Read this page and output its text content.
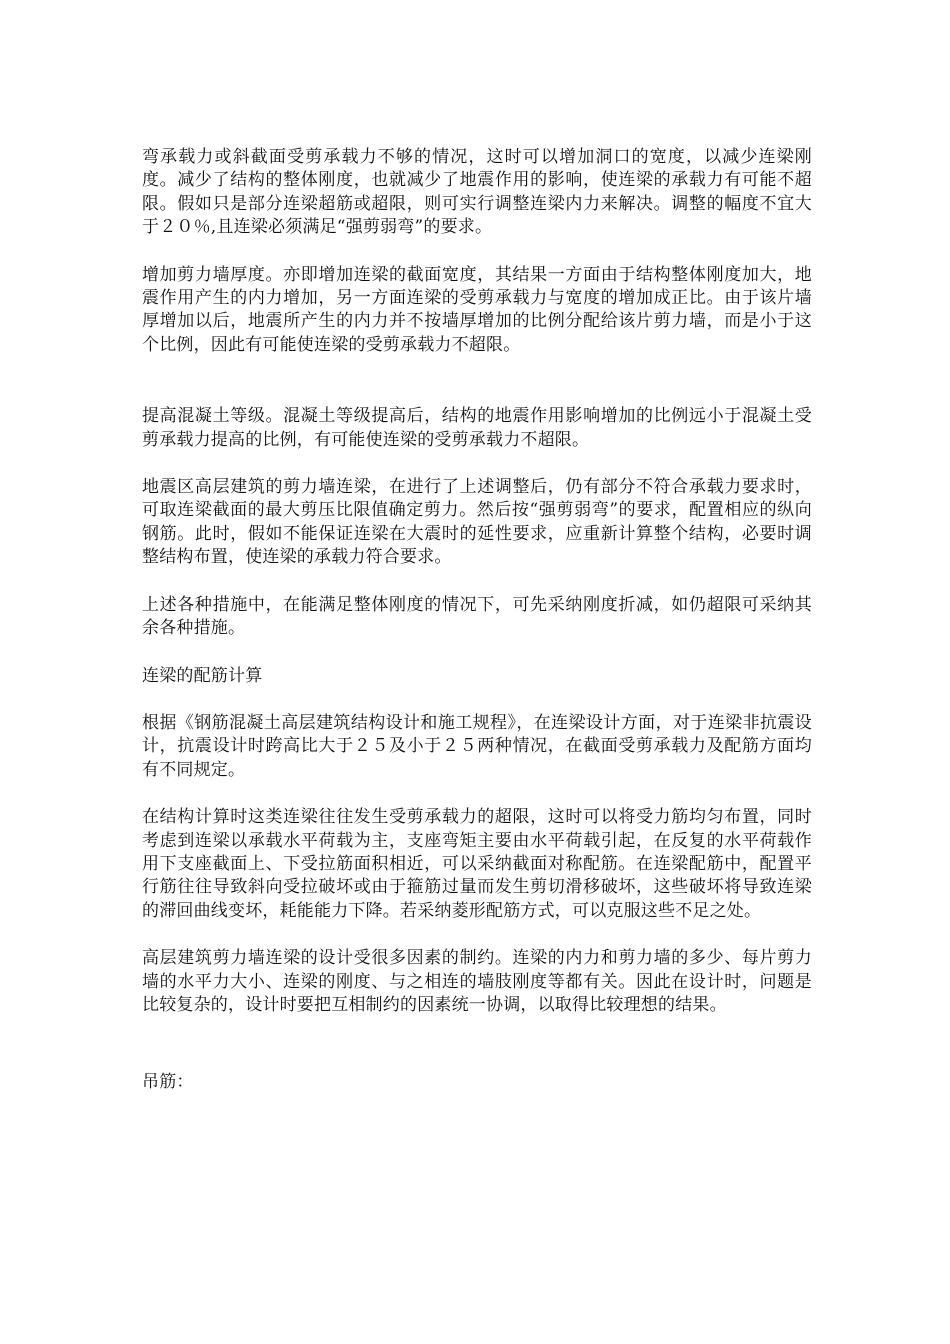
弯承载力或斜截面受剪承载力不够的情况，这时可以增加洞口的宽度，以减少连梁刚度。减少了结构的整体刚度，也就减少了地震作用的影响，使连梁的承载力有可能不超限。假如只是部分连梁超筋或超限，则可实行调整连梁内力来解决。调整的幅度不宜大于２０％,且连梁必须满足“强剪弱弯”的要求。

增加剪力墙厚度。亦即增加连梁的截面宽度，其结果一方面由于结构整体刚度加大，地震作用产生的内力增加，另一方面连梁的受剪承载力与宽度的增加成正比。由于该片墙厚增加以后，地震所产生的内力并不按墙厚增加的比例分配给该片剪力墙，而是小于这个比例，因此有可能使连梁的受剪承载力不超限。

提高混凝土等级。混凝土等级提高后，结构的地震作用影响增加的比例远小于混凝土受剪承载力提高的比例，有可能使连梁的受剪承载力不超限。

地震区高层建筑的剪力墙连梁，在进行了上述调整后，仍有部分不符合承载力要求时，可取连梁截面的最大剪压比限值确定剪力。然后按“强剪弱弯”的要求，配置相应的纵向钢筋。此时，假如不能保证连梁在大震时的延性要求，应重新计算整个结构，必要时调整结构布置，使连梁的承载力符合要求。

上述各种措施中，在能满足整体刚度的情况下，可先采纳刚度折减，如仍超限可采纳其余各种措施。

连梁的配筋计算

根据《钢筋混凝土高层建筑结构设计和施工规程》，在连梁设计方面，对于连梁非抗震设计，抗震设计时跨高比大于２５及小于２５两种情况，在截面受剪承载力及配筋方面均有不同规定。

在结构计算时这类连梁往往发生受剪承载力的超限，这时可以将受力筋均匀布置，同时考虑到连梁以承载水平荷载为主，支座弯矩主要由水平荷载引起，在反复的水平荷载作用下支座截面上、下受拉筋面积相近，可以采纳截面对称配筋。在连梁配筋中，配置平行筋往往导致斜向受拉破坏或由于箍筋过量而发生剪切滑移破坏，这些破坏将导致连梁的滞回曲线变坏，耗能能力下降。若采纳菱形配筋方式，可以克服这些不足之处。

高层建筑剪力墙连梁的设计受很多因素的制约。连梁的内力和剪力墙的多少、每片剪力墙的水平力大小、连梁的刚度、与之相连的墙肢刚度等都有关。因此在设计时，问题是比较复杂的，设计时要把互相制约的因素统一协调，以取得比较理想的结果。

吊筋：
